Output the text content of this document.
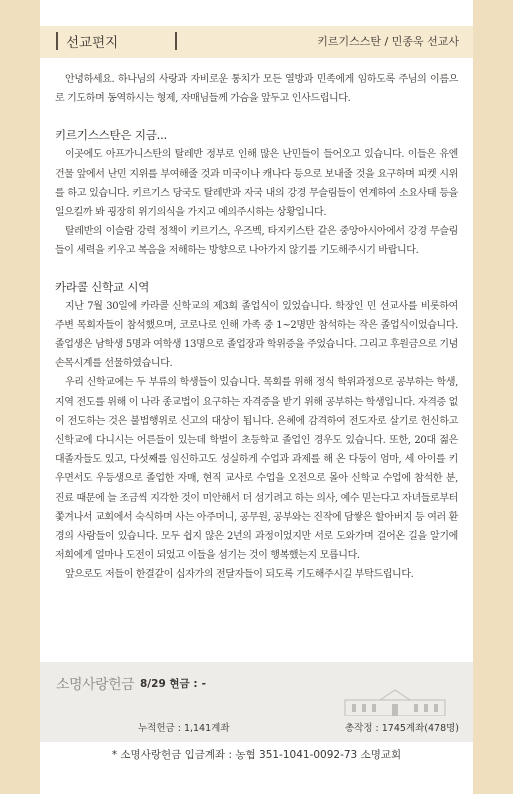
선교편지	키르기스스탄 / 민종욱 선교사

안녕하세요. 하나님의 사랑과 자비로운 통치가 모든 열방과 민족에게 임하도록 주님의 이름으로 기도하며 동역하시는 형제, 자매님들께 가슴을 앞두고 인사드립니다.

키르기스스탄은 지금...

이곳에도 아프가니스탄의 탈레반 정부로 인해 많은 난민들이 들어오고 있습니다. 이들은 유엔 건물 앞에서 난민 지위를 부여해줄 것과 미국이나 캐나다 등으로 보내줄 것을 요구하며 피켓 시위를 하고 있습니다. 키르기스 당국도 탈레반과 자국 내의 강경 무슬림들이 연계하여 소요사태 등을 일으킬까 봐 굉장히 위기의식을 가지고 예의주시하는 상황입니다.

탈레반의 이슬람 강력 정책이 키르기스, 우즈벡, 타지키스탄 같은 중앙아시아에서 강경 무슬림들이 세력을 키우고 복음을 저해하는 방향으로 나아가지 않기를 기도해주시기 바랍니다.

카라콜 신학교 시역

지난 7월 30일에 카라콜 신학교의 제3회 졸업식이 있었습니다. 학장인 민 선교사를 비롯하여 주변 목회자들이 참석했으며, 코로나로 인해 가족 중 1~2명만 참석하는 작은 졸업식이었습니다. 졸업생은 남학생 5명과 여학생 13명으로 졸업장과 학위증을 주었습니다. 그리고 후원금으로 기념 손목시계를 선물하였습니다.

우리 신학교에는 두 부류의 학생들이 있습니다. 목회를 위해 정식 학위과정으로 공부하는 학생, 지역 전도를 위해 이 나라 종교법이 요구하는 자격증을 받기 위해 공부하는 학생입니다. 자격증 없이 전도하는 것은 불법행위로 신고의 대상이 됩니다. 은혜에 감격하여 전도자로 살기로 헌신하고 신학교에 다니시는 어른들이 있는데 학벌이 초등학교 졸업인 경우도 있습니다. 또한, 20대 젊은 대졸자들도 있고, 다섯째를 임신하고도 성실하게 수업과 과제를 해 온 다둥이 엄마, 세 아이를 키우면서도 우등생으로 졸업한 자매, 현직 교사로 수업을 오전으로 몰아 신학교 수업에 참석한 분, 진료 때문에 늘 조금씩 지각한 것이 미안해서 더 섬기려고 하는 의사, 예수 믿는다고 자녀들로부터 쫓겨나서 교회에서 숙식하며 사는 아주머니, 공무원, 공부와는 진작에 담쌓은 할아버지 등 여러 환경의 사람들이 있습니다. 모두 쉽지 않은 2년의 과정이었지만 서로 도와가며 걸어온 길을 알기에 저희에게 얼마나 도전이 되었고 이들을 섬기는 것이 행복했는지 모릅니다.

앞으로도 저들이 한결같이 십자가의 전달자들이 되도록 기도해주시길 부탁드립니다.

소명사랑헌금 8/29 현금 : -
누적헌금 : 1,141계좌	총작정 : 1745계좌(478명)
* 소명사랑헌금 입금계좌 : 농협 351-1041-0092-73 소명교회
